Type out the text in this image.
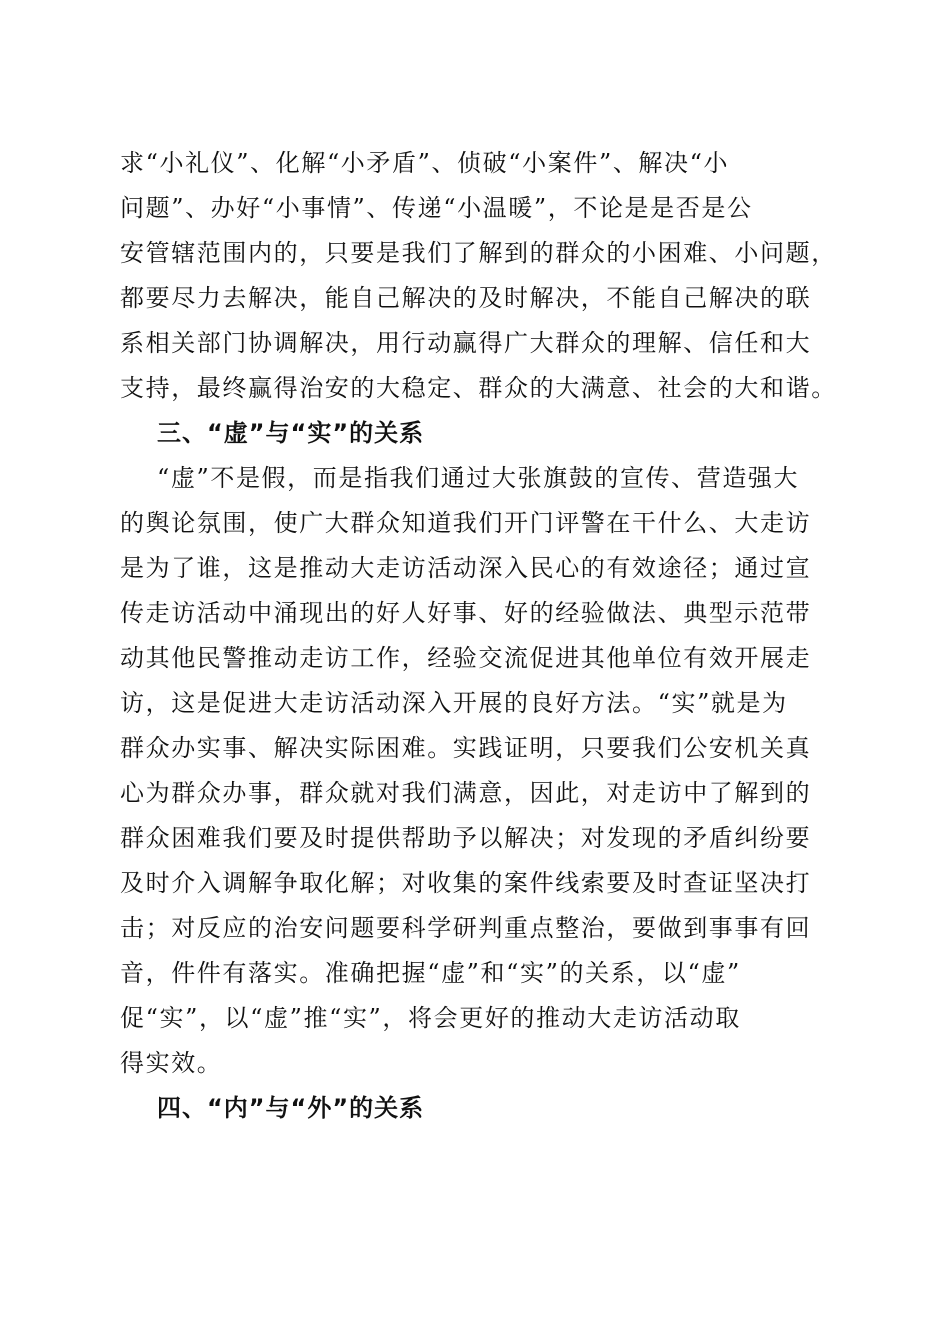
求“小礼仪”、化解“小矛盾”、侦破“小案件”、解决“小
问题”、办好“小事情”、传递“小温暖”，不论是是否是公
安管辖范围内的，只要是我们了解到的群众的小困难、小问题，
都要尽力去解决，能自己解决的及时解决，不能自己解决的联
系相关部门协调解决，用行动赢得广大群众的理解、信任和大
支持，最终赢得治安的大稳定、群众的大满意、社会的大和谐。
三、“虚”与“实”的关系
“虚”不是假，而是指我们通过大张旗鼓的宣传、营造强大
的舆论氛围，使广大群众知道我们开门评警在干什么、大走访
是为了谁，这是推动大走访活动深入民心的有效途径；通过宣
传走访活动中涌现出的好人好事、好的经验做法、典型示范带
动其他民警推动走访工作，经验交流促进其他单位有效开展走
访，这是促进大走访活动深入开展的良好方法。“实”就是为
群众办实事、解决实际困难。实践证明，只要我们公安机关真
心为群众办事，群众就对我们满意，因此，对走访中了解到的
群众困难我们要及时提供帮助予以解决；对发现的矛盾纠纷要
及时介入调解争取化解；对收集的案件线索要及时查证坚决打
击；对反应的治安问题要科学研判重点整治，要做到事事有回
音，件件有落实。准确把握“虚”和“实”的关系，以“虚”
促“实”，以“虚”推“实”，将会更好的推动大走访活动取
得实效。
四、“内”与“外”的关系
